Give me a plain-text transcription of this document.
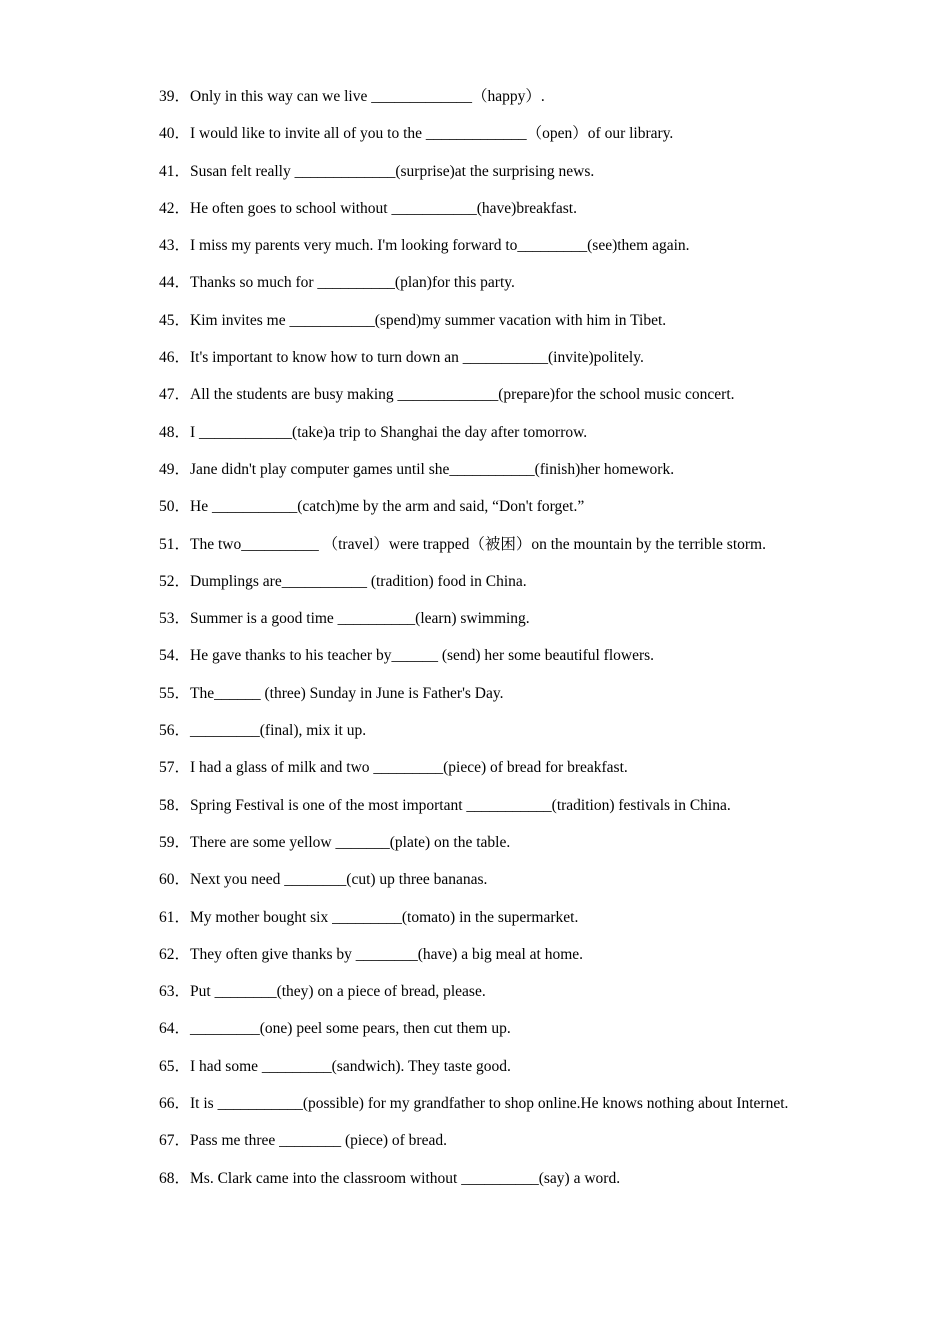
39．Only in this way can we live _____________（happy）.

40．I would like to invite all of you to the _____________（open）of our library.

41．Susan felt really _____________(surprise)at the surprising news.

42．He often goes to school without ___________(have)breakfast.

43．I miss my parents very much. I'm looking forward to_________(see)them again.

44．Thanks so much for __________(plan)for this party.

45．Kim invites me ___________(spend)my summer vacation with him in Tibet.

46．It's important to know how to turn down an ___________(invite)politely.

47．All the students are busy making _____________(prepare)for the school music concert.

48．I ____________(take)a trip to Shanghai the day after tomorrow.

49．Jane didn't play computer games until she___________(finish)her homework.

50．He ___________(catch)me by the arm and said, “Don't forget.”

51．The two__________ （travel）were trapped（被困）on the mountain by the terrible storm.

52．Dumplings are___________ (tradition) food in China.

53．Summer is a good time __________(learn) swimming.

54．He gave thanks to his teacher by______ (send) her some beautiful flowers.

55．The______ (three) Sunday in June is Father's Day.

56．_________(final), mix it up.

57．I had a glass of milk and two _________(piece) of bread for breakfast.

58．Spring Festival is one of the most important ___________(tradition) festivals in China.

59．There are some yellow _______(plate) on the table.

60．Next you need ________(cut) up three bananas.

61．My mother bought six _________(tomato) in the supermarket.

62．They often give thanks by ________(have) a big meal at home.

63．Put ________(they) on a piece of bread, please.

64．_________(one) peel some pears, then cut them up.

65．I had some _________(sandwich). They taste good.

66．It is ___________(possible) for my grandfather to shop online.He knows nothing about Internet.

67．Pass me three ________ (piece) of bread.

68．Ms. Clark came into the classroom without __________(say) a word.
